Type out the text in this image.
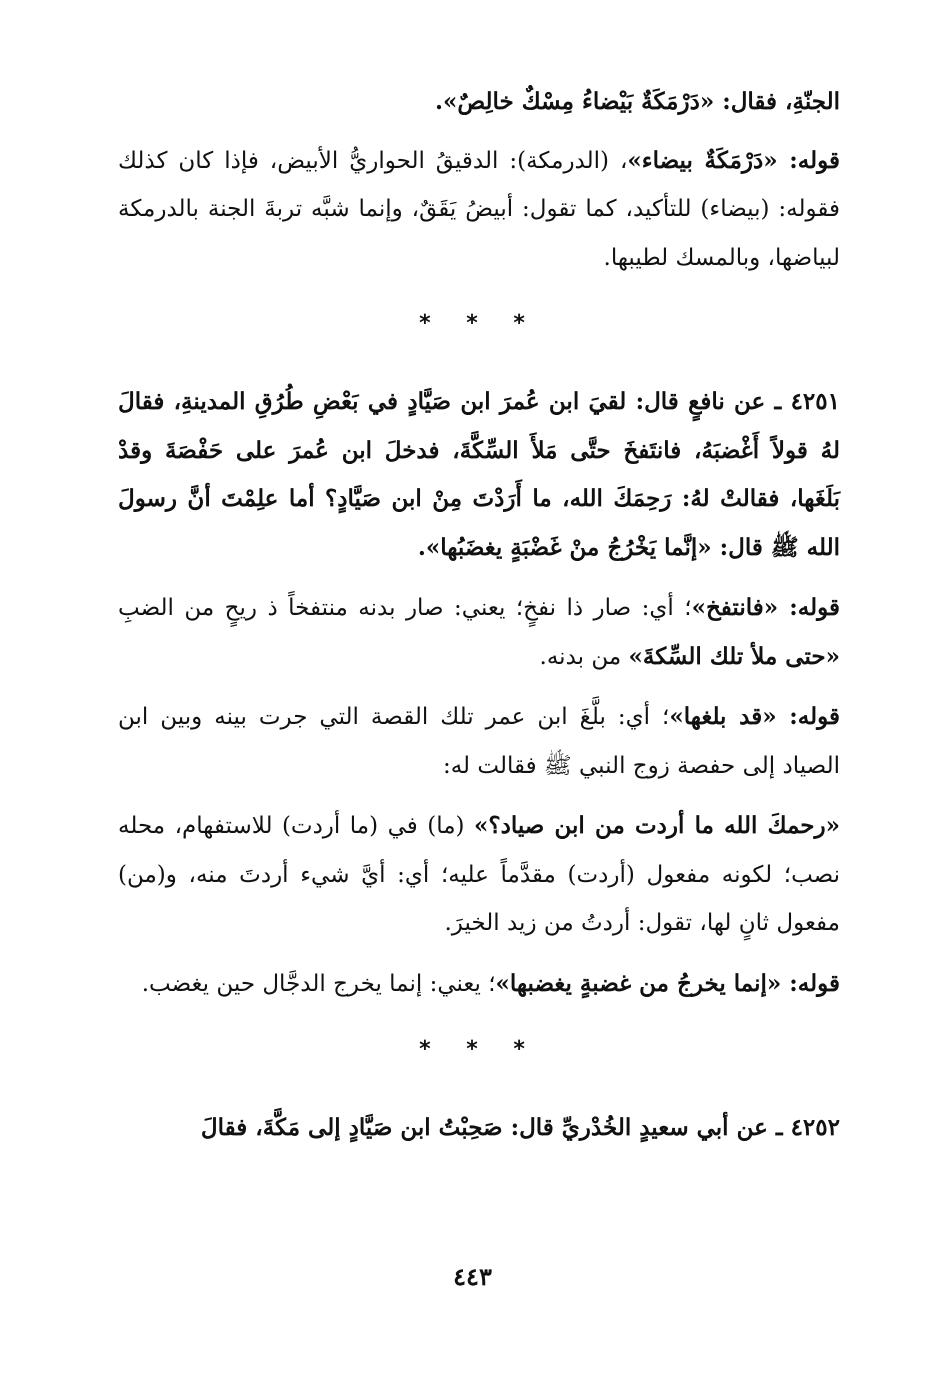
الجنّةِ، فقال: «دَرْمَكَةٌ بَيْضاءُ مِسْكٌ خالِصٌ».
قوله: «دَرْمَكَةٌ بيضاء»، (الدرمكة): الدقيقُ الحواريُّ الأبيض، فإذا كان كذلك فقوله: (بيضاء) للتأكيد، كما تقول: أبيضُ يَقَقٌ، وإنما شبَّه تربةَ الجنة بالدرمكة لبياضها، وبالمسك لطيبها.
* * *
٤٢٥١ ـ عن نافعٍ قال: لقيَ ابن عُمرَ ابن صَيَّادٍ في بَعْضِ طُرُقِ المدينةِ، فقالَ لهُ قولاً أَغْضبَهُ، فانتَفخَ حتَّى مَلأَ السِّكَّةَ، فدخلَ ابن عُمرَ على حَفْصَةَ وقدْ بَلَغَها، فقالتْ لهُ: رَحِمَكَ الله، ما أَرَدْتَ مِنْ ابن صَيَّادٍ؟ أما علِمْتَ أنَّ رسولَ الله ﷺ قال: «إنَّما يَخْرُجُ منْ غَضْبَةٍ يغضَبُها».
قوله: «فانتفخ»؛ أي: صار ذا نفخٍ؛ يعني: صار بدنه منتفخاً ذ ريحٍ من الضبِ «حتى ملأ تلك السِّكةَ» من بدنه.
قوله: «قد بلغها»؛ أي: بلَّغَ ابن عمر تلك القصة التي جرت بينه وبين ابن الصياد إلى حفصة زوج النبي ﷺ فقالت له:
«رحمكَ الله ما أردت من ابن صياد؟» (ما) في (ما أردت) للاستفهام، محله نصب؛ لكونه مفعول (أردت) مقدَّماً عليه؛ أي: أيَّ شيء أردتَ منه، و(من) مفعول ثانٍ لها، تقول: أردتُ من زيد الخيرَ.
قوله: «إنما يخرجُ من غضبةٍ يغضبها»؛ يعني: إنما يخرج الدجَّال حين يغضب.
* * *
٤٢٥٢ ـ عن أبي سعيدٍ الخُدْريِّ قال: صَحِبْتُ ابن صَيَّادٍ إلى مَكَّةَ، فقالَ
٤٤٣
